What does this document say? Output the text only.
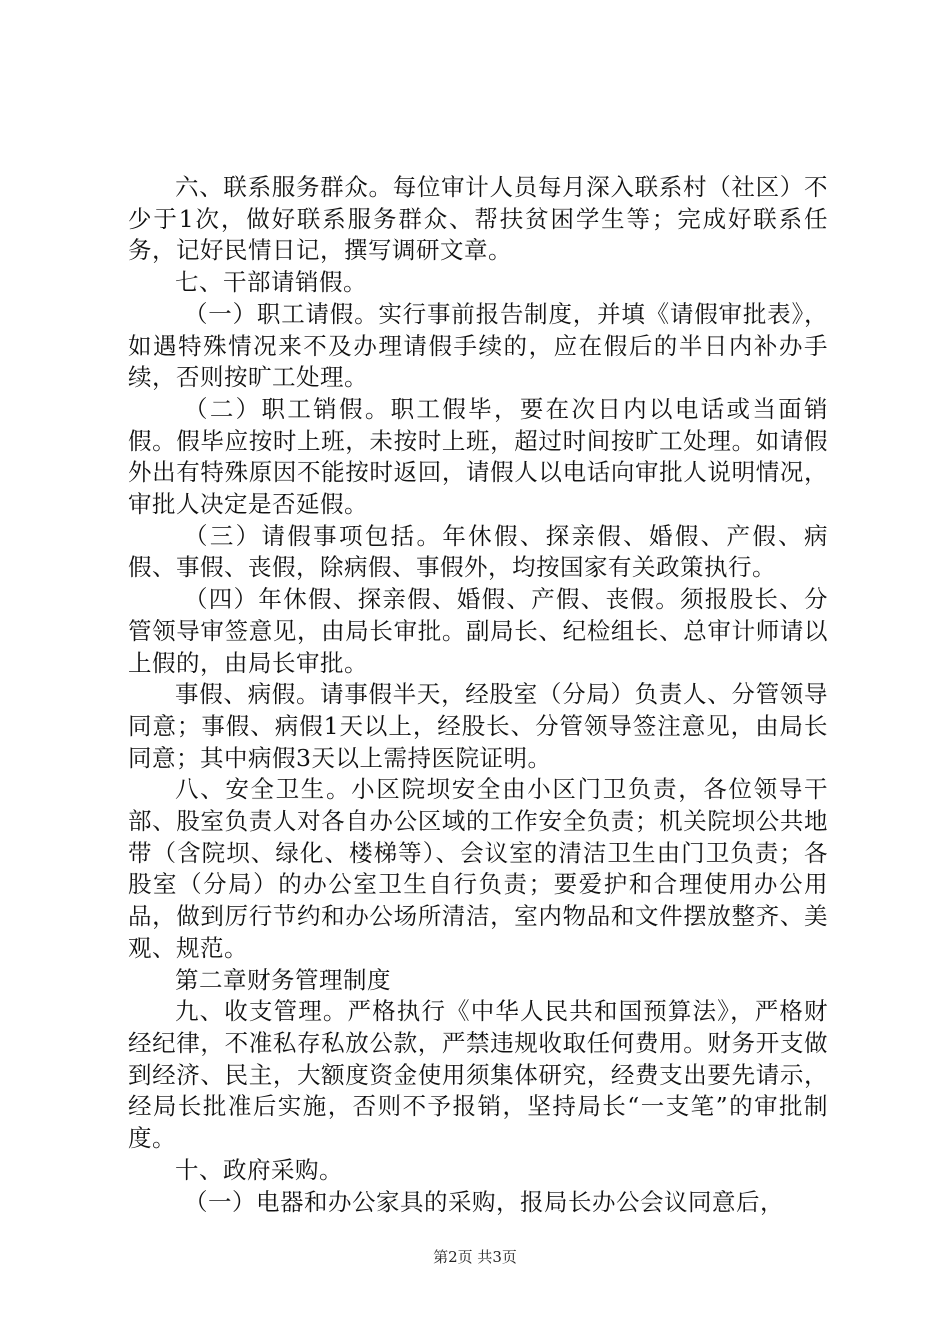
六、联系服务群众。每位审计人员每月深入联系村（社区）不少于1次，做好联系服务群众、帮扶贫困学生等；完成好联系任务，记好民情日记，撰写调研文章。

七、干部请销假。

（一）职工请假。实行事前报告制度，并填《请假审批表》，如遇特殊情况来不及办理请假手续的，应在假后的半日内补办手续，否则按旷工处理。

（二）职工销假。职工假毕，要在次日内以电话或当面销假。假毕应按时上班，未按时上班，超过时间按旷工处理。如请假外出有特殊原因不能按时返回，请假人以电话向审批人说明情况，审批人决定是否延假。

（三）请假事项包括。年休假、探亲假、婚假、产假、病假、事假、丧假，除病假、事假外，均按国家有关政策执行。

（四）年休假、探亲假、婚假、产假、丧假。须报股长、分管领导审签意见，由局长审批。副局长、纪检组长、总审计师请以上假的，由局长审批。

事假、病假。请事假半天，经股室（分局）负责人、分管领导同意；事假、病假1天以上，经股长、分管领导签注意见，由局长同意；其中病假3天以上需持医院证明。

八、安全卫生。小区院坝安全由小区门卫负责，各位领导干部、股室负责人对各自办公区域的工作安全负责；机关院坝公共地带（含院坝、绿化、楼梯等）、会议室的清洁卫生由门卫负责；各股室（分局）的办公室卫生自行负责；要爱护和合理使用办公用品，做到厉行节约和办公场所清洁，室内物品和文件摆放整齐、美观、规范。

第二章财务管理制度

九、收支管理。严格执行《中华人民共和国预算法》，严格财经纪律，不准私存私放公款，严禁违规收取任何费用。财务开支做到经济、民主，大额度资金使用须集体研究，经费支出要先请示，经局长批准后实施，否则不予报销，坚持局长“一支笔”的审批制度。

十、政府采购。

（一）电器和办公家具的采购，报局长办公会议同意后，

第2页 共3页
